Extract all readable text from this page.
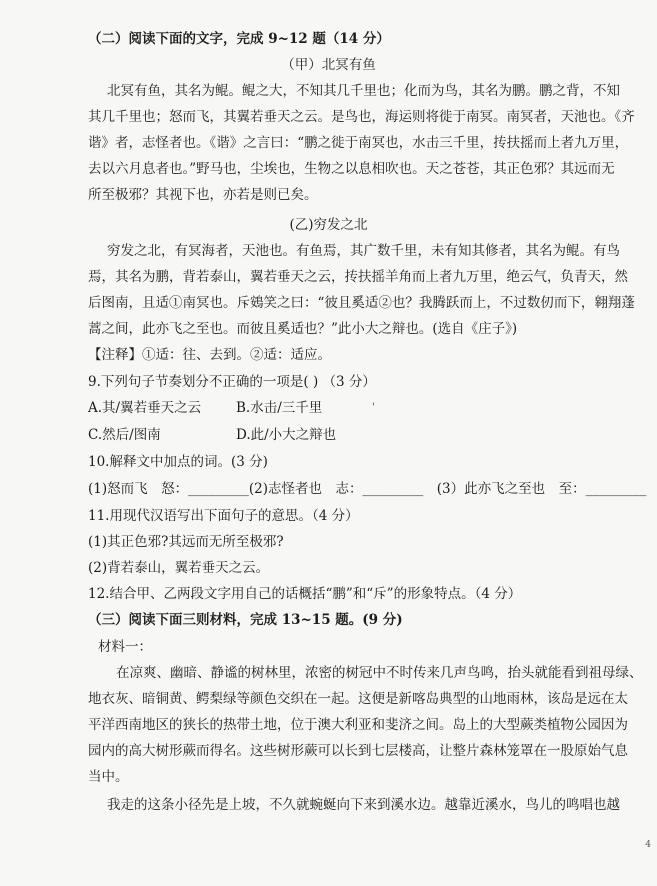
（二）阅读下面的文字，完成 9~12 题（14 分）
（甲）北冥有鱼
北冥有鱼，其名为鲲。鲲之大，不知其几千里也；化而为鸟，其名为鹏。鹏之背，不知
其几千里也；怒而飞，其翼若垂天之云。是鸟也，海运则将徙于南冥。南冥者，天池也。《齐
谐》者，志怪者也。《谐》之言曰：“鹏之徙于南冥也，水击三千里，抟扶摇而上者九万里，
去以六月息者也。”野马也，尘埃也，生物之以息相吹也。天之苍苍，其正色邪？其远而无
所至极邪？其视下也，亦若是则已矣。
(乙)穷发之北
穷发之北，有冥海者，天池也。有鱼焉，其广数千里，未有知其修者，其名为鲲。有鸟
焉，其名为鹏，背若泰山，翼若垂天之云，抟扶摇羊角而上者九万里，绝云气，负青天，然
后图南，且适①南冥也。斥鴳笑之曰：“彼且奚适②也？我腾跃而上，不过数仞而下，翱翔蓬
蒿之间，此亦飞之至也。而彼且奚适也？”此小大之辩也。(选自《庄子》)
【注释】①适：往、去到。②适：适应。
9.下列句子节奏划分不正确的一项是( ) （3 分）
A.其/翼若垂天之云	B.水击/三千里	'
C.然后/图南	D.此/小大之辩也
10.解释文中加点的词。(3 分)
(1)怒而飞　怒：_________(2)志怪者也　志：_________　(3）此亦飞之至也　至：_________
11.用现代汉语写出下面句子的意思。（4 分）
(1)其正色邪?其远而无所至极邪?
(2)背若泰山，翼若垂天之云。
12.结合甲、乙两段文字用自己的话概括“鹏”和“斥”的形象特点。（4 分）
（三）阅读下面三则材料，完成 13~15 题。(9 分)
材料一：
在凉爽、幽暗、静谧的树林里，浓密的树冠中不时传来几声鸟鸣，抬头就能看到祖母绿、
地衣灰、暗铜黄、鳄梨绿等颜色交织在一起。这便是新喀岛典型的山地雨林，该岛是远在太
平洋西南地区的狭长的热带土地，位于澳大利亚和斐济之间。岛上的大型蕨类植物公园因为
园内的高大树形蕨而得名。这些树形蕨可以长到七层楼高，让整片森林笼罩在一股原始气息
当中。
我走的这条小径先是上坡，不久就蜿蜒向下来到溪水边。越靠近溪水，鸟儿的鸣唱也越
4
